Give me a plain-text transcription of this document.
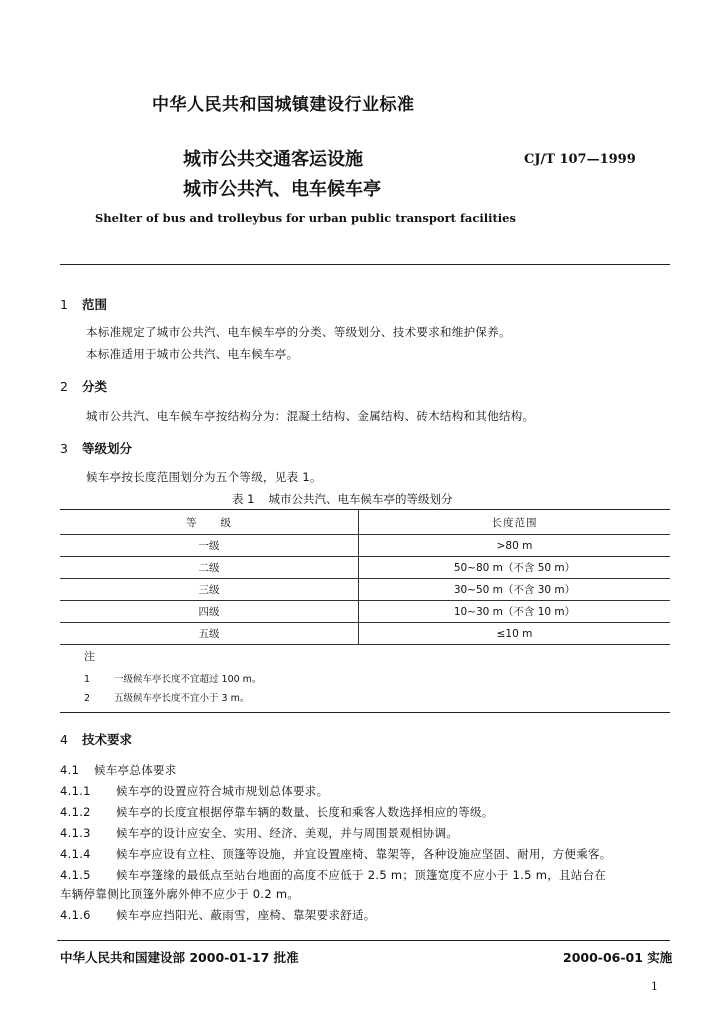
中华人民共和国城镇建设行业标准
城市公共交通客运设施
城市公共汽、电车候车亭
CJ/T 107—1999
Shelter of bus and trolleybus for urban public transport facilities
1 范围
本标准规定了城市公共汽、电车候车亭的分类、等级划分、技术要求和维护保养。
本标准适用于城市公共汽、电车候车亭。
2 分类
城市公共汽、电车候车亭按结构分为：混凝土结构、金属结构、砖木结构和其他结构。
3 等级划分
候车亭按长度范围划分为五个等级，见表 1。
表 1 城市公共汽、电车候车亭的等级划分
等　　级	长度范围
一级	>80 m
二级	50~80 m（不含 50 m）
三级	30~50 m（不含 30 m）
四级	10~30 m（不含 10 m）
五级	≤10 m

注
1 一级候车亭长度不宜超过 100 m。
2 五级候车亭长度不宜小于 3 m。	
4 技术要求
4.1 候车亭总体要求
4.1.1 候车亭的设置应符合城市规划总体要求。
4.1.2 候车亭的长度宜根据停靠车辆的数量、长度和乘客人数选择相应的等级。
4.1.3 候车亭的设计应安全、实用、经济、美观，并与周围景观相协调。
4.1.4 候车亭应设有立柱、顶篷等设施，并宜设置座椅、靠架等，各种设施应坚固、耐用，方便乘客。
4.1.5 候车亭篷缘的最低点至站台地面的高度不应低于 2.5 m；顶篷宽度不应小于 1.5 m，且站台在
车辆停靠侧比顶篷外廓外伸不应少于 0.2 m。
4.1.6 候车亭应挡阳光、蔽雨雪，座椅、靠架要求舒适。
中华人民共和国建设部 2000-01-17 批准	2000-06-01 实施
1
